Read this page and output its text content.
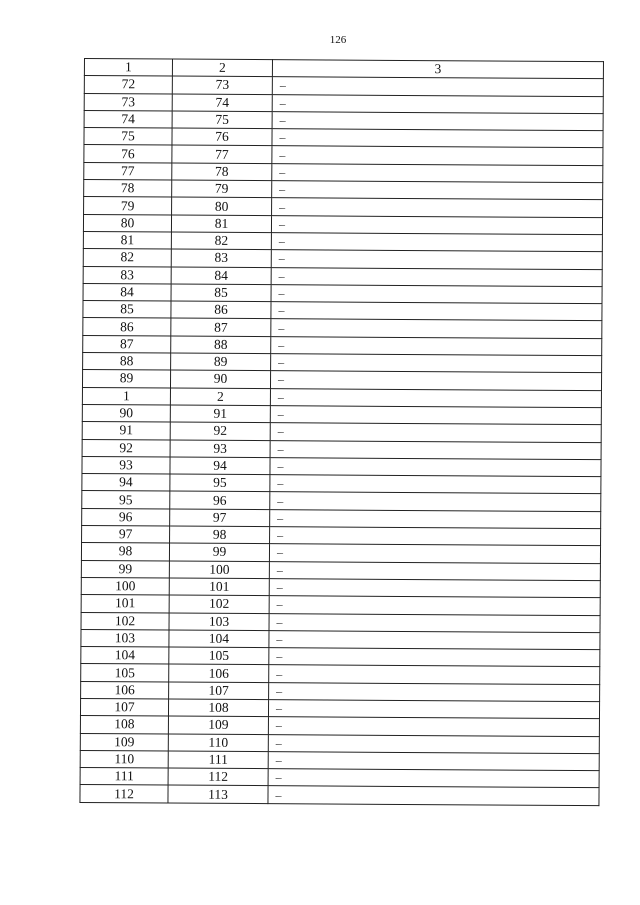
126
1	2	3
72	73	–
73	74	–
74	75	–
75	76	–
76	77	–
77	78	–
78	79	–
79	80	–
80	81	–
81	82	–
82	83	–
83	84	–
84	85	–
85	86	–
86	87	–
87	88	–
88	89	–
89	90	–
1	2	–
90	91	–
91	92	–
92	93	–
93	94	–
94	95	–
95	96	–
96	97	–
97	98	–
98	99	–
99	100	–
100	101	–
101	102	–
102	103	–
103	104	–
104	105	–
105	106	–
106	107	–
107	108	–
108	109	–
109	110	–
110	111	–
111	112	–
112	113	–
